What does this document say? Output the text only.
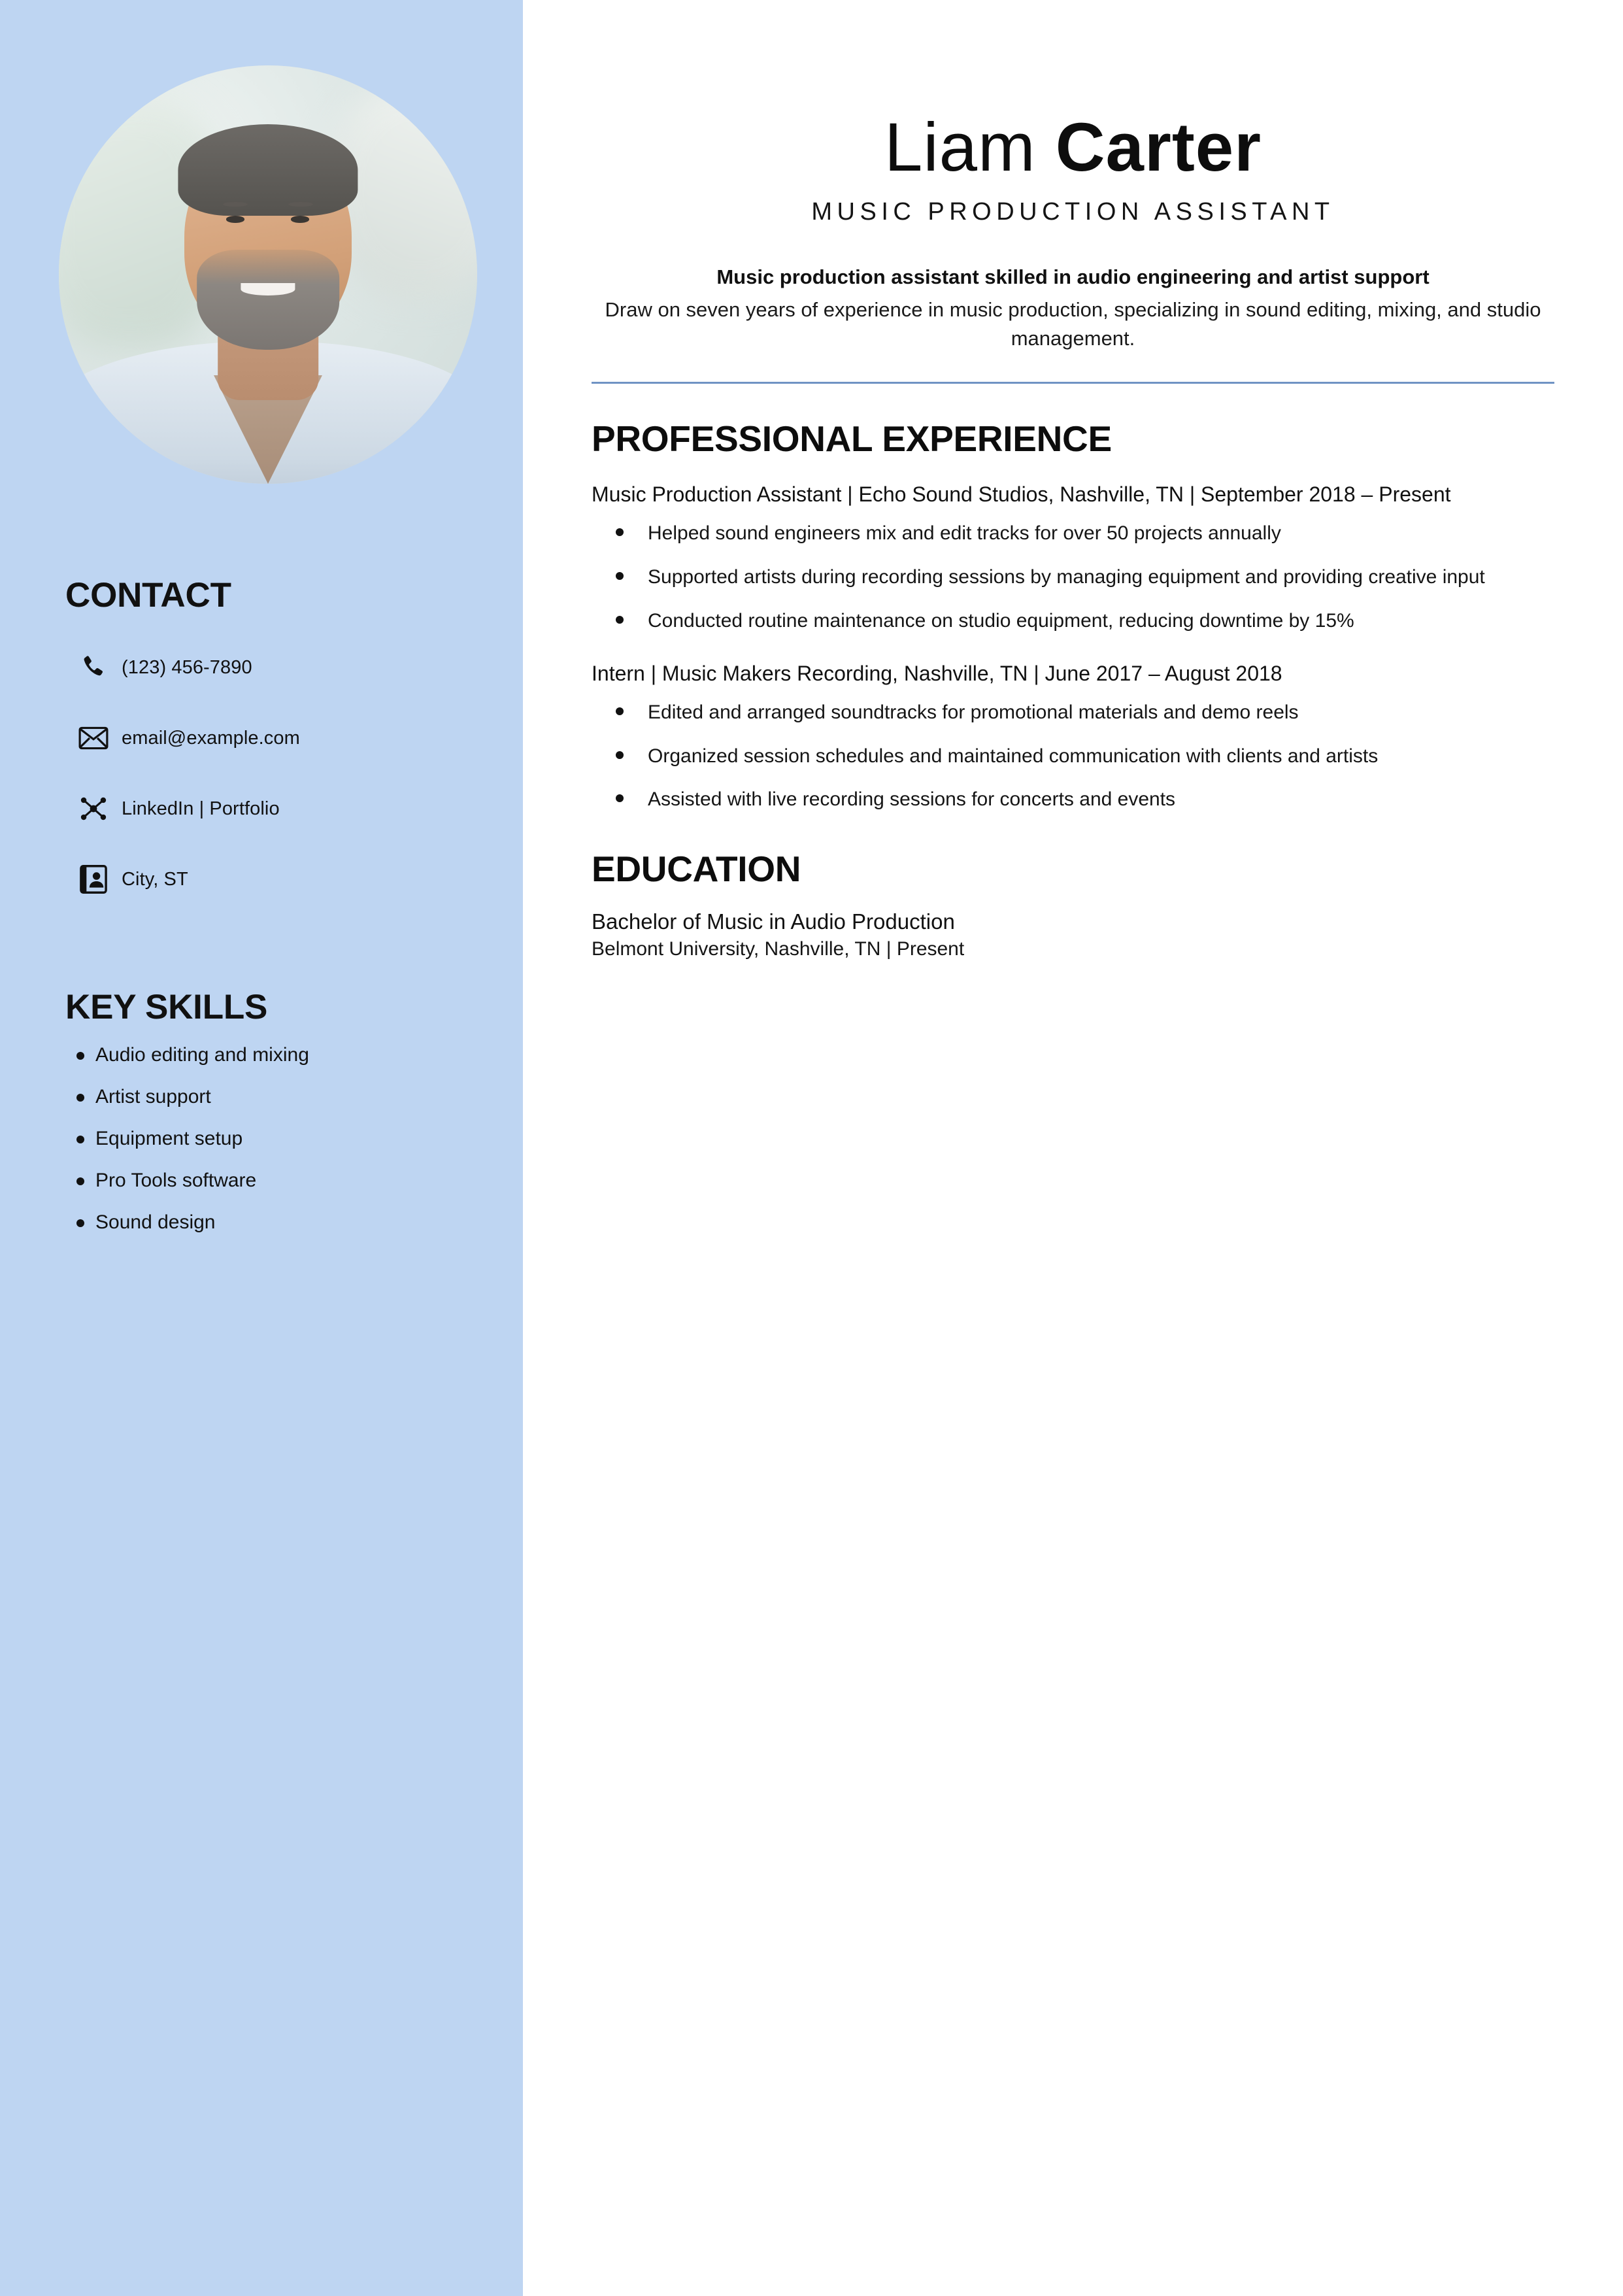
CONTACT
(123) 456-7890
email@example.com
LinkedIn | Portfolio
City, ST
KEY SKILLS
Audio editing and mixing
Artist support
Equipment setup
Pro Tools software
Sound design
Liam Carter

MUSIC PRODUCTION ASSISTANT

Music production assistant skilled in audio engineering and artist support

Draw on seven years of experience in music production, specializing in sound editing, mixing, and studio management.

PROFESSIONAL EXPERIENCE

Music Production Assistant | Echo Sound Studios, Nashville, TN | September 2018 – Present

Helped sound engineers mix and edit tracks for over 50 projects annually
Supported artists during recording sessions by managing equipment and providing creative input
Conducted routine maintenance on studio equipment, reducing downtime by 15%

Intern | Music Makers Recording, Nashville, TN | June 2017 – August 2018

Edited and arranged soundtracks for promotional materials and demo reels
Organized session schedules and maintained communication with clients and artists
Assisted with live recording sessions for concerts and events
EDUCATION

Bachelor of Music in Audio Production

Belmont University, Nashville, TN | Present
